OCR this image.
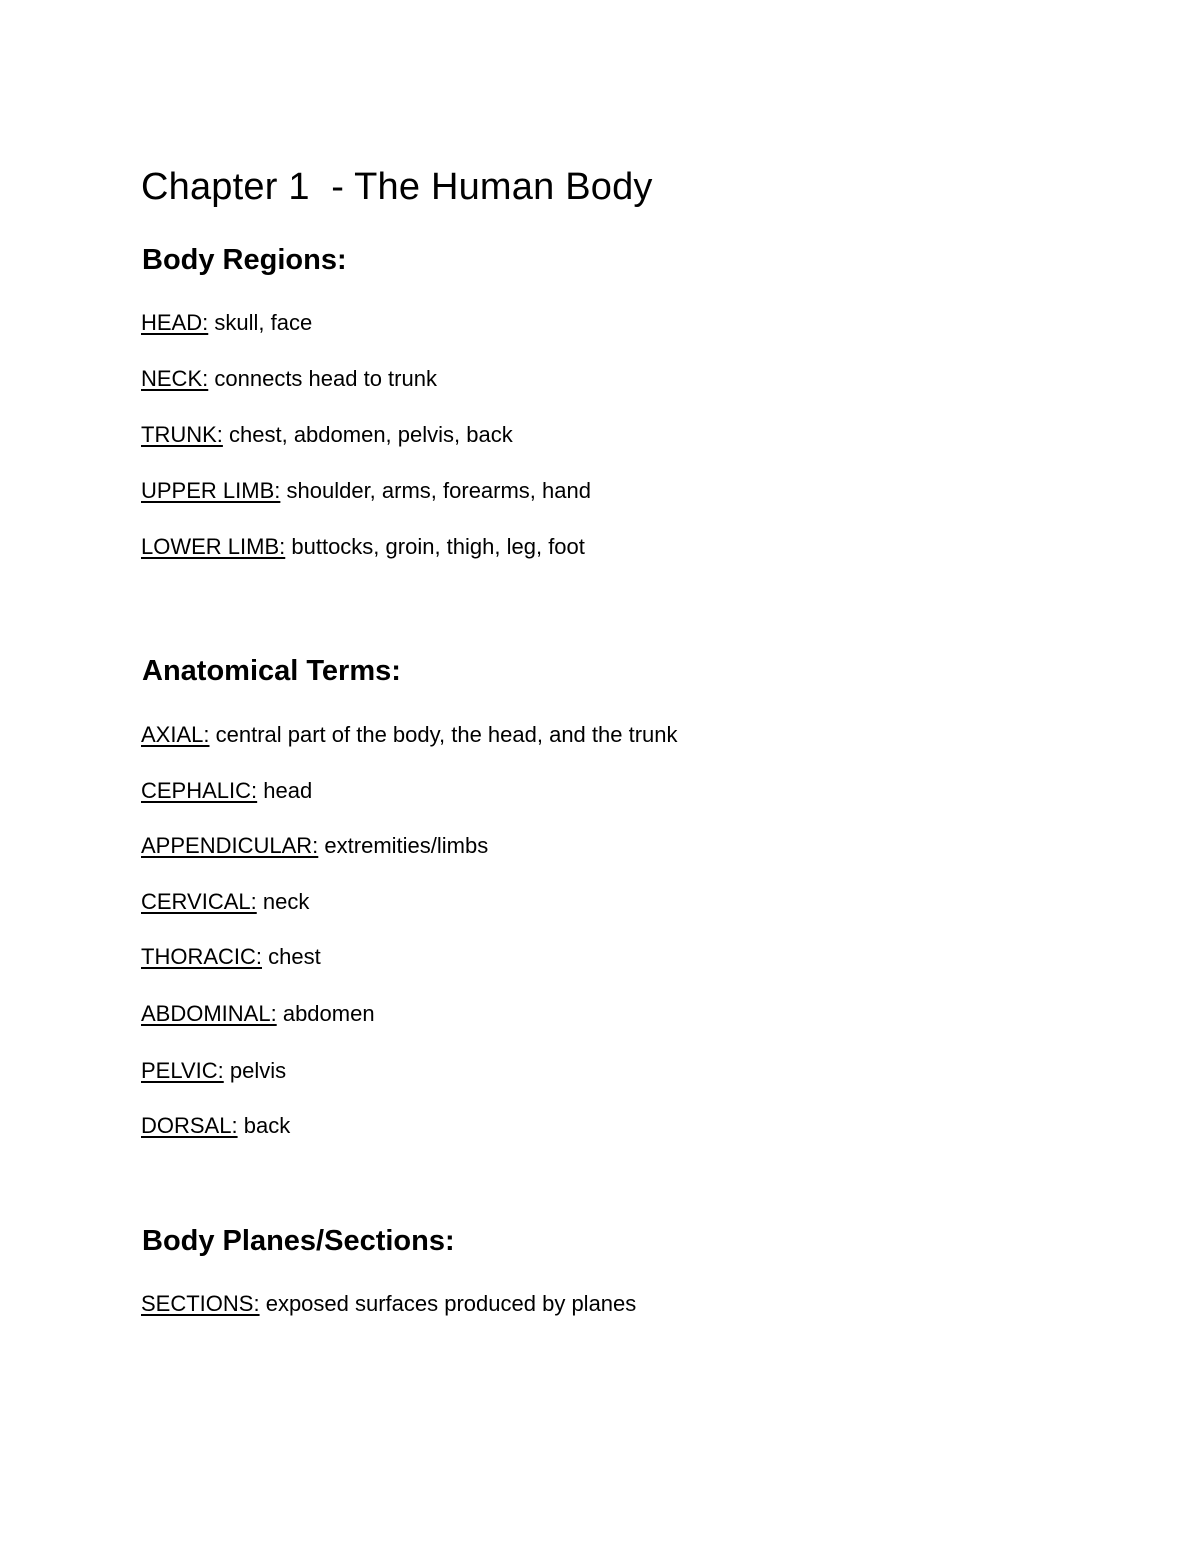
Chapter 1  - The Human Body
Body Regions:

HEAD: skull, face

NECK: connects head to trunk

TRUNK: chest, abdomen, pelvis, back

UPPER LIMB: shoulder, arms, forearms, hand

LOWER LIMB: buttocks, groin, thigh, leg, foot

Anatomical Terms:

AXIAL: central part of the body, the head, and the trunk

CEPHALIC: head

APPENDICULAR: extremities/limbs

CERVICAL: neck

THORACIC: chest

ABDOMINAL: abdomen

PELVIC: pelvis

DORSAL: back

Body Planes/Sections:

SECTIONS: exposed surfaces produced by planes
